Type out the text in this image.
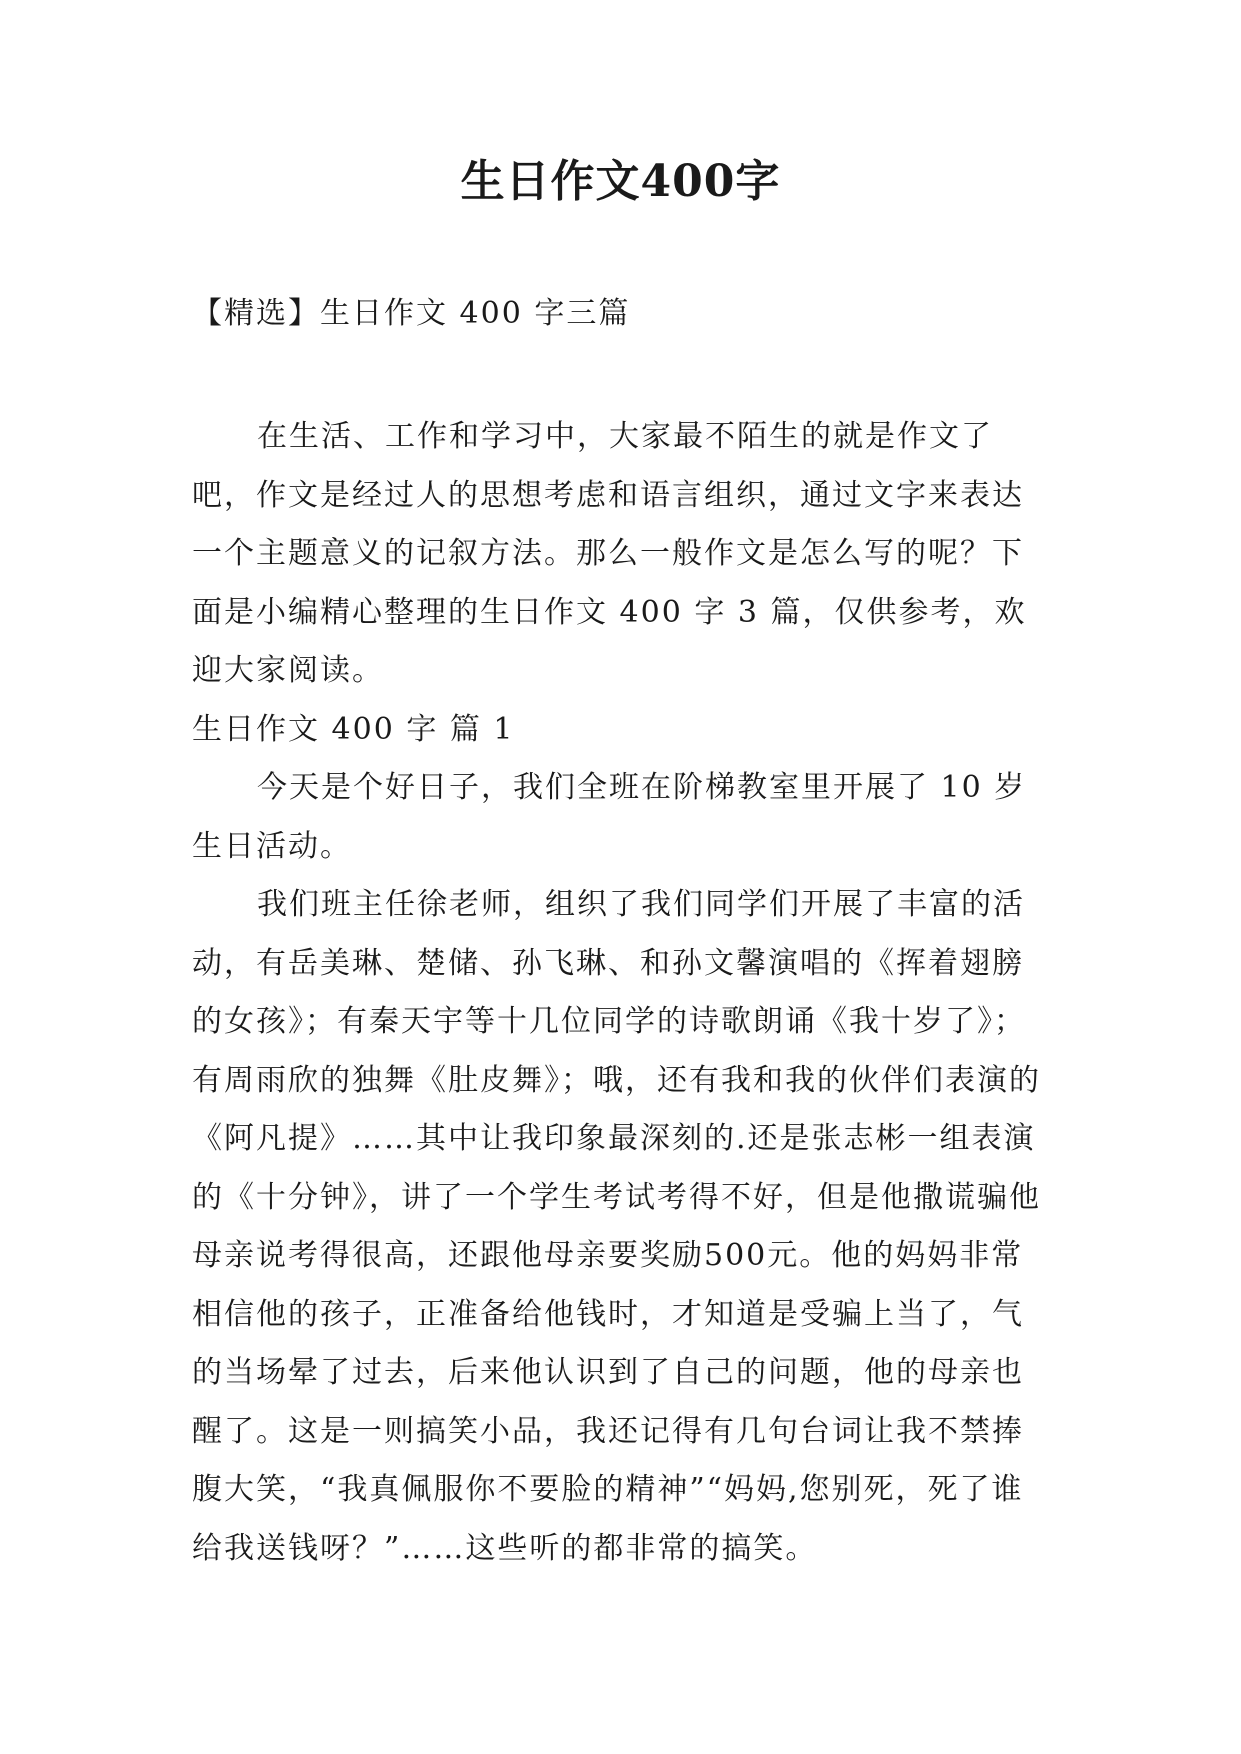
生日作文400字
【精选】生日作文 400 字三篇

在生活、工作和学习中，大家最不陌生的就是作文了吧，作文是经过人的思想考虑和语言组织，通过文字来表达一个主题意义的记叙方法。那么一般作文是怎么写的呢？下面是小编精心整理的生日作文 400 字 3 篇，仅供参考，欢迎大家阅读。

生日作文 400 字 篇 1

今天是个好日子，我们全班在阶梯教室里开展了 10 岁生日活动。

我们班主任徐老师，组织了我们同学们开展了丰富的活动，有岳美琳、楚储、孙飞琳、和孙文馨演唱的《挥着翅膀的女孩》；有秦天宇等十几位同学的诗歌朗诵《我十岁了》；有周雨欣的独舞《肚皮舞》；哦，还有我和我的伙伴们表演的《阿凡提》……其中让我印象最深刻的.还是张志彬一组表演的《十分钟》，讲了一个学生考试考得不好，但是他撒谎骗他母亲说考得很高，还跟他母亲要奖励500元。他的妈妈非常相信他的孩子，正准备给他钱时，才知道是受骗上当了，气的当场晕了过去，后来他认识到了自己的问题，他的母亲也醒了。这是一则搞笑小品，我还记得有几句台词让我不禁捧腹大笑，“我真佩服你不要脸的精神”“妈妈,您别死，死了谁给我送钱呀？”……这些听的都非常的搞笑。
